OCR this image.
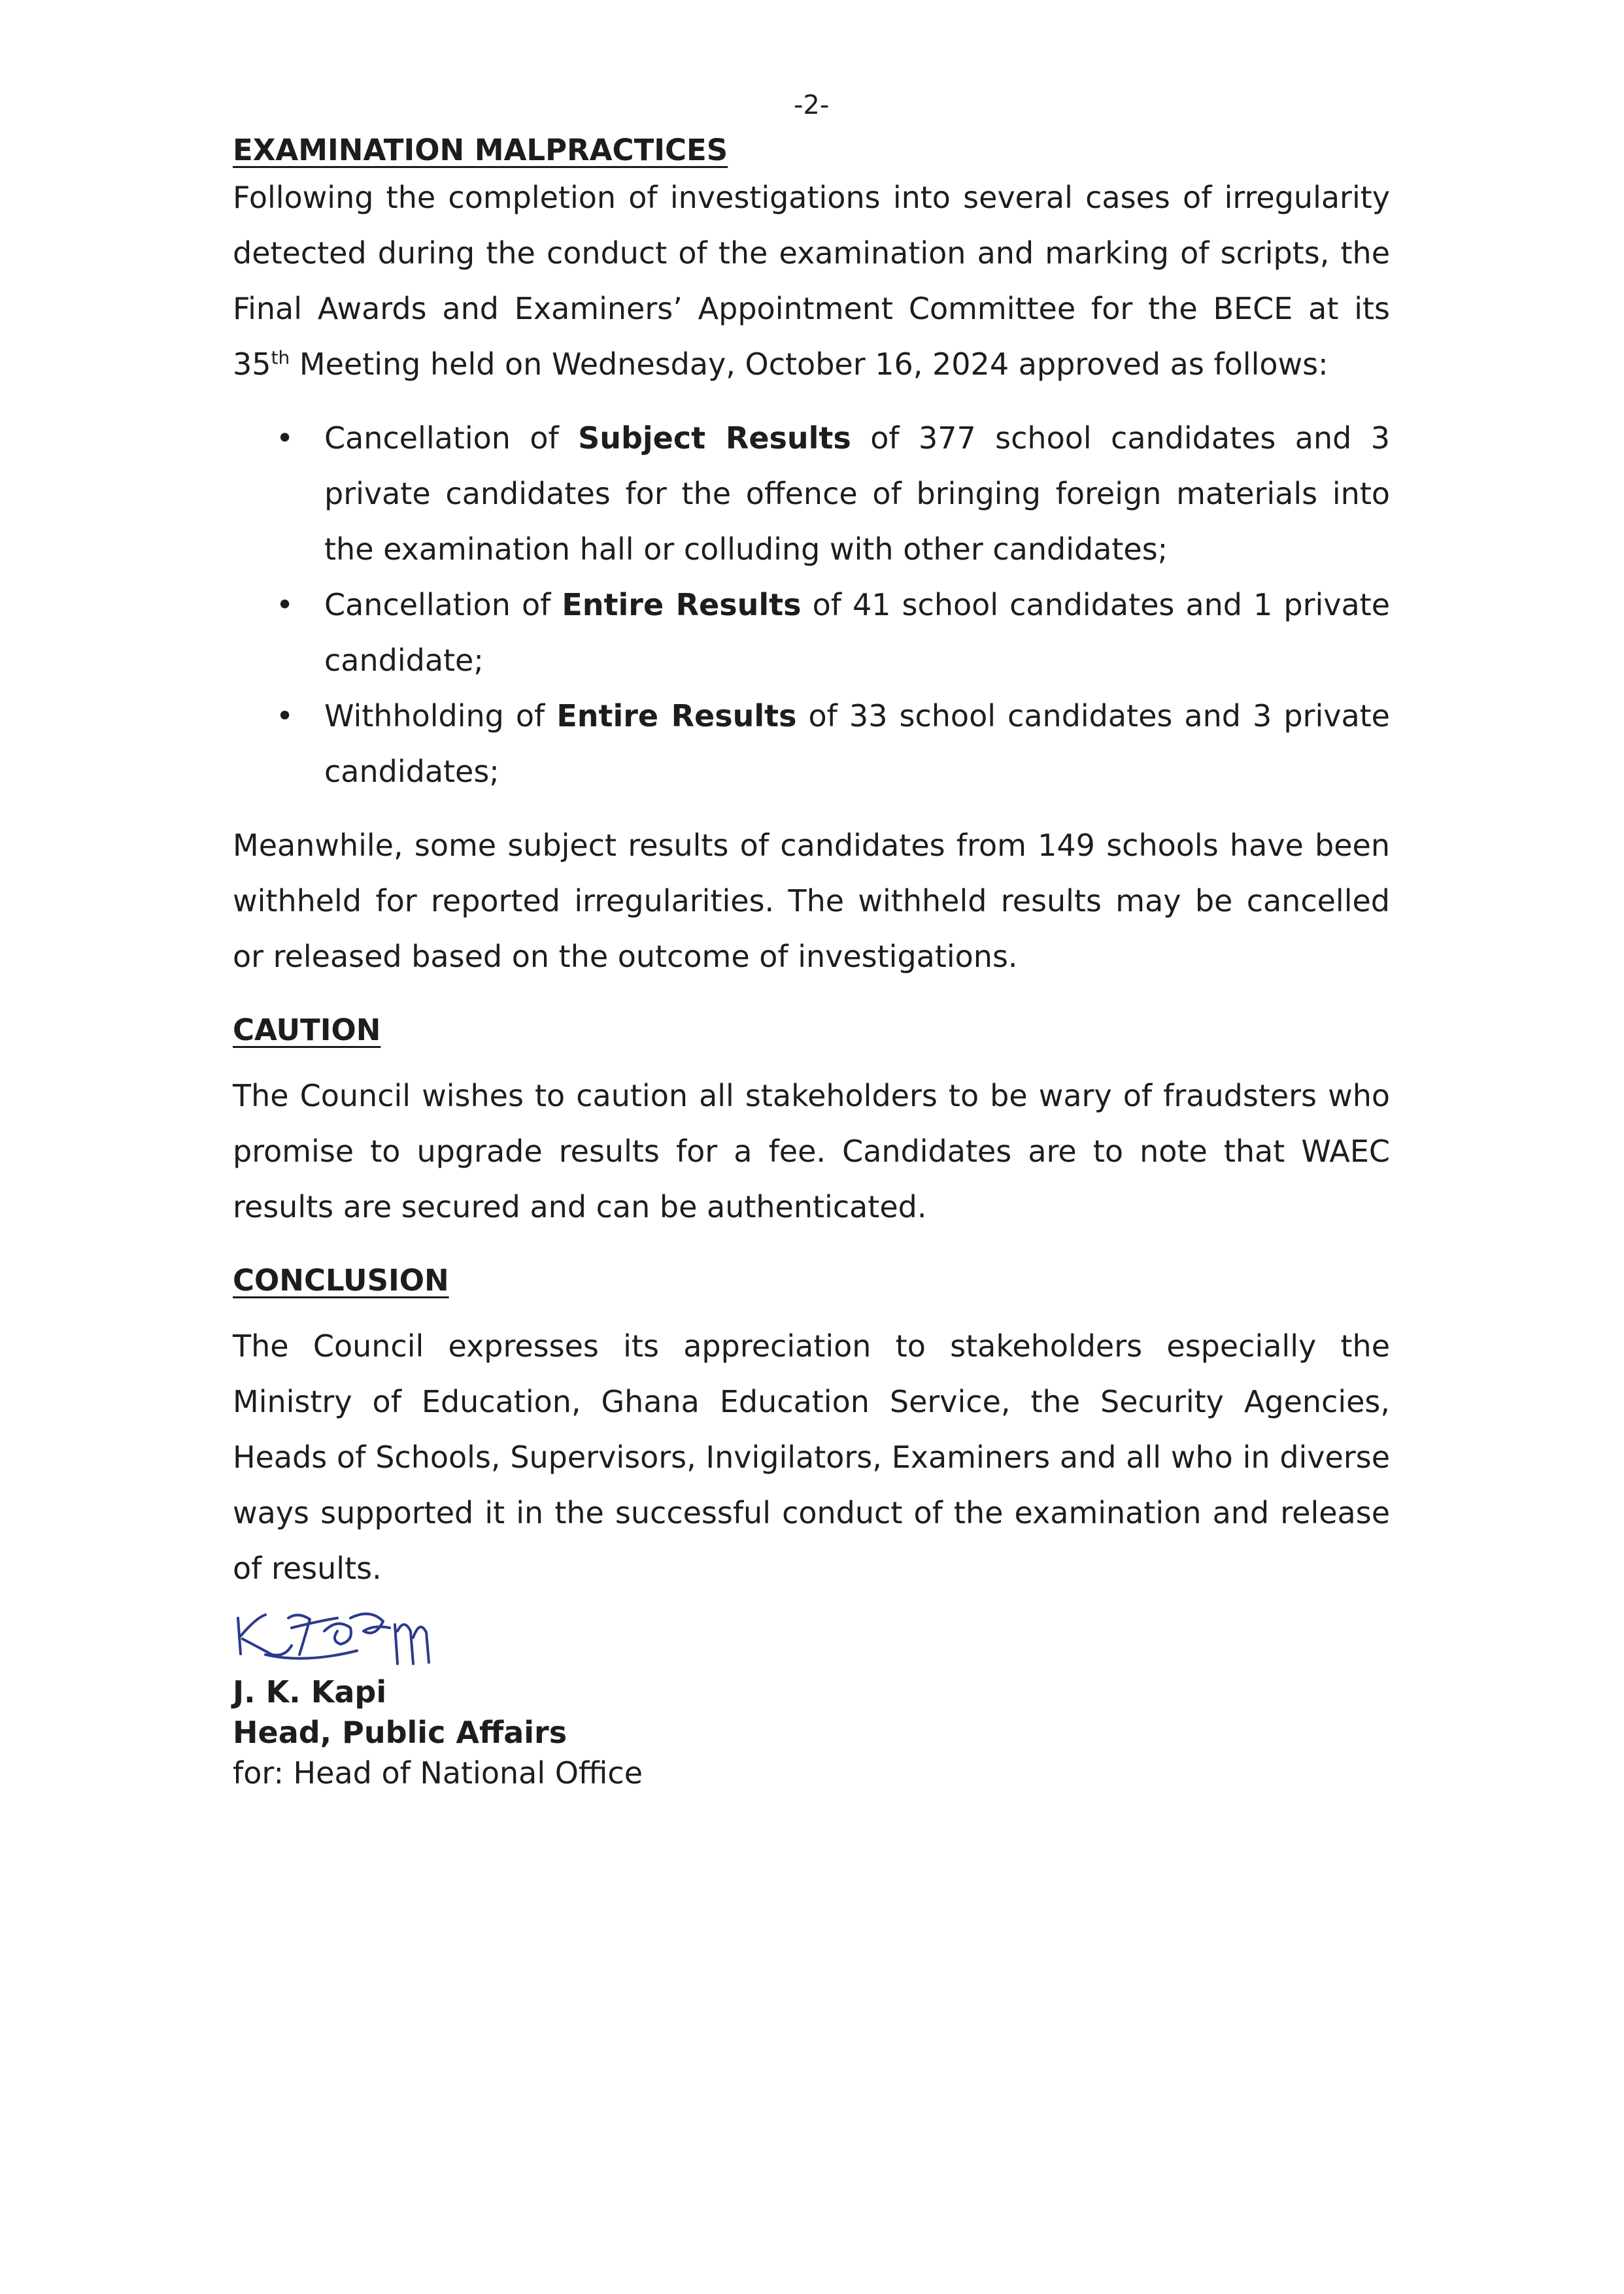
-2-
EXAMINATION MALPRACTICES

Following the completion of investigations into several cases of irregularity detected during the conduct of the examination and marking of scripts, the Final Awards and Examiners’ Appointment Committee for the BECE at its 35th Meeting held on Wednesday, October 16, 2024 approved as follows:

• Cancellation of Subject Results of 377 school candidates and 3 private candidates for the offence of bringing foreign materials into the examination hall or colluding with other candidates;
• Cancellation of Entire Results of 41 school candidates and 1 private candidate;
• Withholding of Entire Results of 33 school candidates and 3 private candidates;

Meanwhile, some subject results of candidates from 149 schools have been withheld for reported irregularities. The withheld results may be cancelled or released based on the outcome of investigations.

CAUTION

The Council wishes to caution all stakeholders to be wary of fraudsters who promise to upgrade results for a fee. Candidates are to note that WAEC results are secured and can be authenticated.

CONCLUSION

The Council expresses its appreciation to stakeholders especially the Ministry of Education, Ghana Education Service, the Security Agencies, Heads of Schools, Supervisors, Invigilators, Examiners and all who in diverse ways supported it in the successful conduct of the examination and release of results.

J. K. Kapi
Head, Public Affairs
for: Head of National Office
